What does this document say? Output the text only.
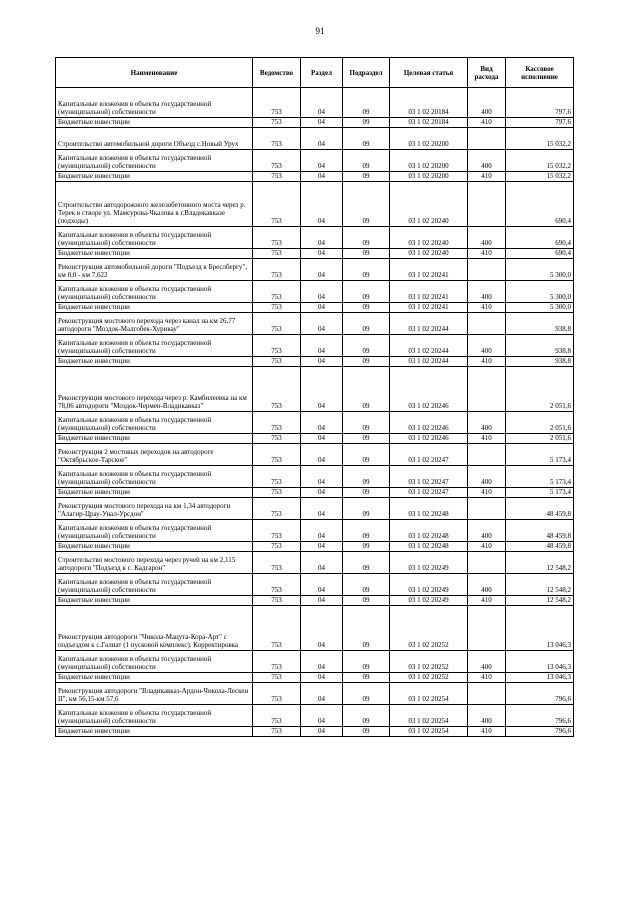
91
Наименование	Ведомство	Раздел	Подраздел	Целевая статья	Вид расхода	Кассовое исполнение
Капитальные вложения в объекты государственной (муниципальной) собственности	753	04	09	03 1 02 20184	400	797,6
Бюджетные инвестиции	753	04	09	03 1 02 20184	410	797,6
Строительство автомобильной дороги Объезд с.Новый Урух	753	04	09	03 1 02 20200		15 032,2
Капитальные вложения в объекты государственной (муниципальной) собственности	753	04	09	03 1 02 20200	400	15 032,2
Бюджетные инвестиции	753	04	09	03 1 02 20200	410	15 032,2
Строительство автодорожного железобетонного моста через р. Терек в створе ул. Мамсурова-Чкалова в г.Владикавказе (подходы)	753	04	09	03 1 02 20240		690,4
Капитальные вложения в объекты государственной (муниципальной) собственности	753	04	09	03 1 02 20240	400	690,4
Бюджетные инвестиции	753	04	09	03 1 02 20240	410	690,4
Реконструкция автомобильной дороги "Подъезд к Бреслбергу", км 0,0 - км 7,622	753	04	09	03 1 02 20241		5 300,0
Капитальные вложения в объекты государственной (муниципальной) собственности	753	04	09	03 1 02 20241	400	5 300,0
Бюджетные инвестиции	753	04	09	03 1 02 20241	410	5 300,0
Реконструкция мостового перехода через канал на км 26,77 автодороги "Моздок-Малгобек-Хурикау"	753	04	09	03 1 02 20244		938,8
Капитальные вложения в объекты государственной (муниципальной) собственности	753	04	09	03 1 02 20244	400	938,8
Бюджетные инвестиции	753	04	09	03 1 02 20244	410	938,8
Реконструкция мостового перехода через р. Камбилеевка на км 78,06 автодороги "Моздок-Чермен-Владикавказ"	753	04	09	03 1 02 20246		2 051,6
Капитальные вложения в объекты государственной (муниципальной) собственности	753	04	09	03 1 02 20246	400	2 051,6
Бюджетные инвестиции	753	04	09	03 1 02 20246	410	2 051,6
Реконструкция 2 мостовых переходов на автодороге "Октябрьское-Тарское"	753	04	09	03 1 02 20247		5 173,4
Капитальные вложения в объекты государственной (муниципальной) собственности	753	04	09	03 1 02 20247	400	5 173,4
Бюджетные инвестиции	753	04	09	03 1 02 20247	410	5 173,4
Реконструкция мостового перехода на км 1,34 автодороги "Алагир-Црау-Унал-Урсдон"	753	04	09	03 1 02 20248		48 459,8
Капитальные вложения в объекты государственной (муниципальной) собственности	753	04	09	03 1 02 20248	400	48 459,8
Бюджетные инвестиции	753	04	09	03 1 02 20248	410	48 459,8
Строительство мостового перехода через ручей на км 2,115 автодороги "Подъезд к с. Кадгарон"	753	04	09	03 1 02 20249		12 548,2
Капитальные вложения в объекты государственной (муниципальной) собственности	753	04	09	03 1 02 20249	400	12 548,2
Бюджетные инвестиции	753	04	09	03 1 02 20249	410	12 548,2
Реконструкция автодороги "Чикола-Мацута-Кора-Арт" с подъездом к с.Галиат (1 пусковой комплекс). Корректировка	753	04	09	03 1 02 20252		13 046,3
Капитальные вложения в объекты государственной (муниципальной) собственности	753	04	09	03 1 02 20252	400	13 046,3
Бюджетные инвестиции	753	04	09	03 1 02 20252	410	13 046,3
Реконструкция автодороги "Владикавказ-Ардон-Чикола-Лескен II", км 56,15-км 57,6	753	04	09	03 1 02 20254		796,6
Капитальные вложения в объекты государственной (муниципальной) собственности	753	04	09	03 1 02 20254	400	796,6
Бюджетные инвестиции	753	04	09	03 1 02 20254	410	796,6
